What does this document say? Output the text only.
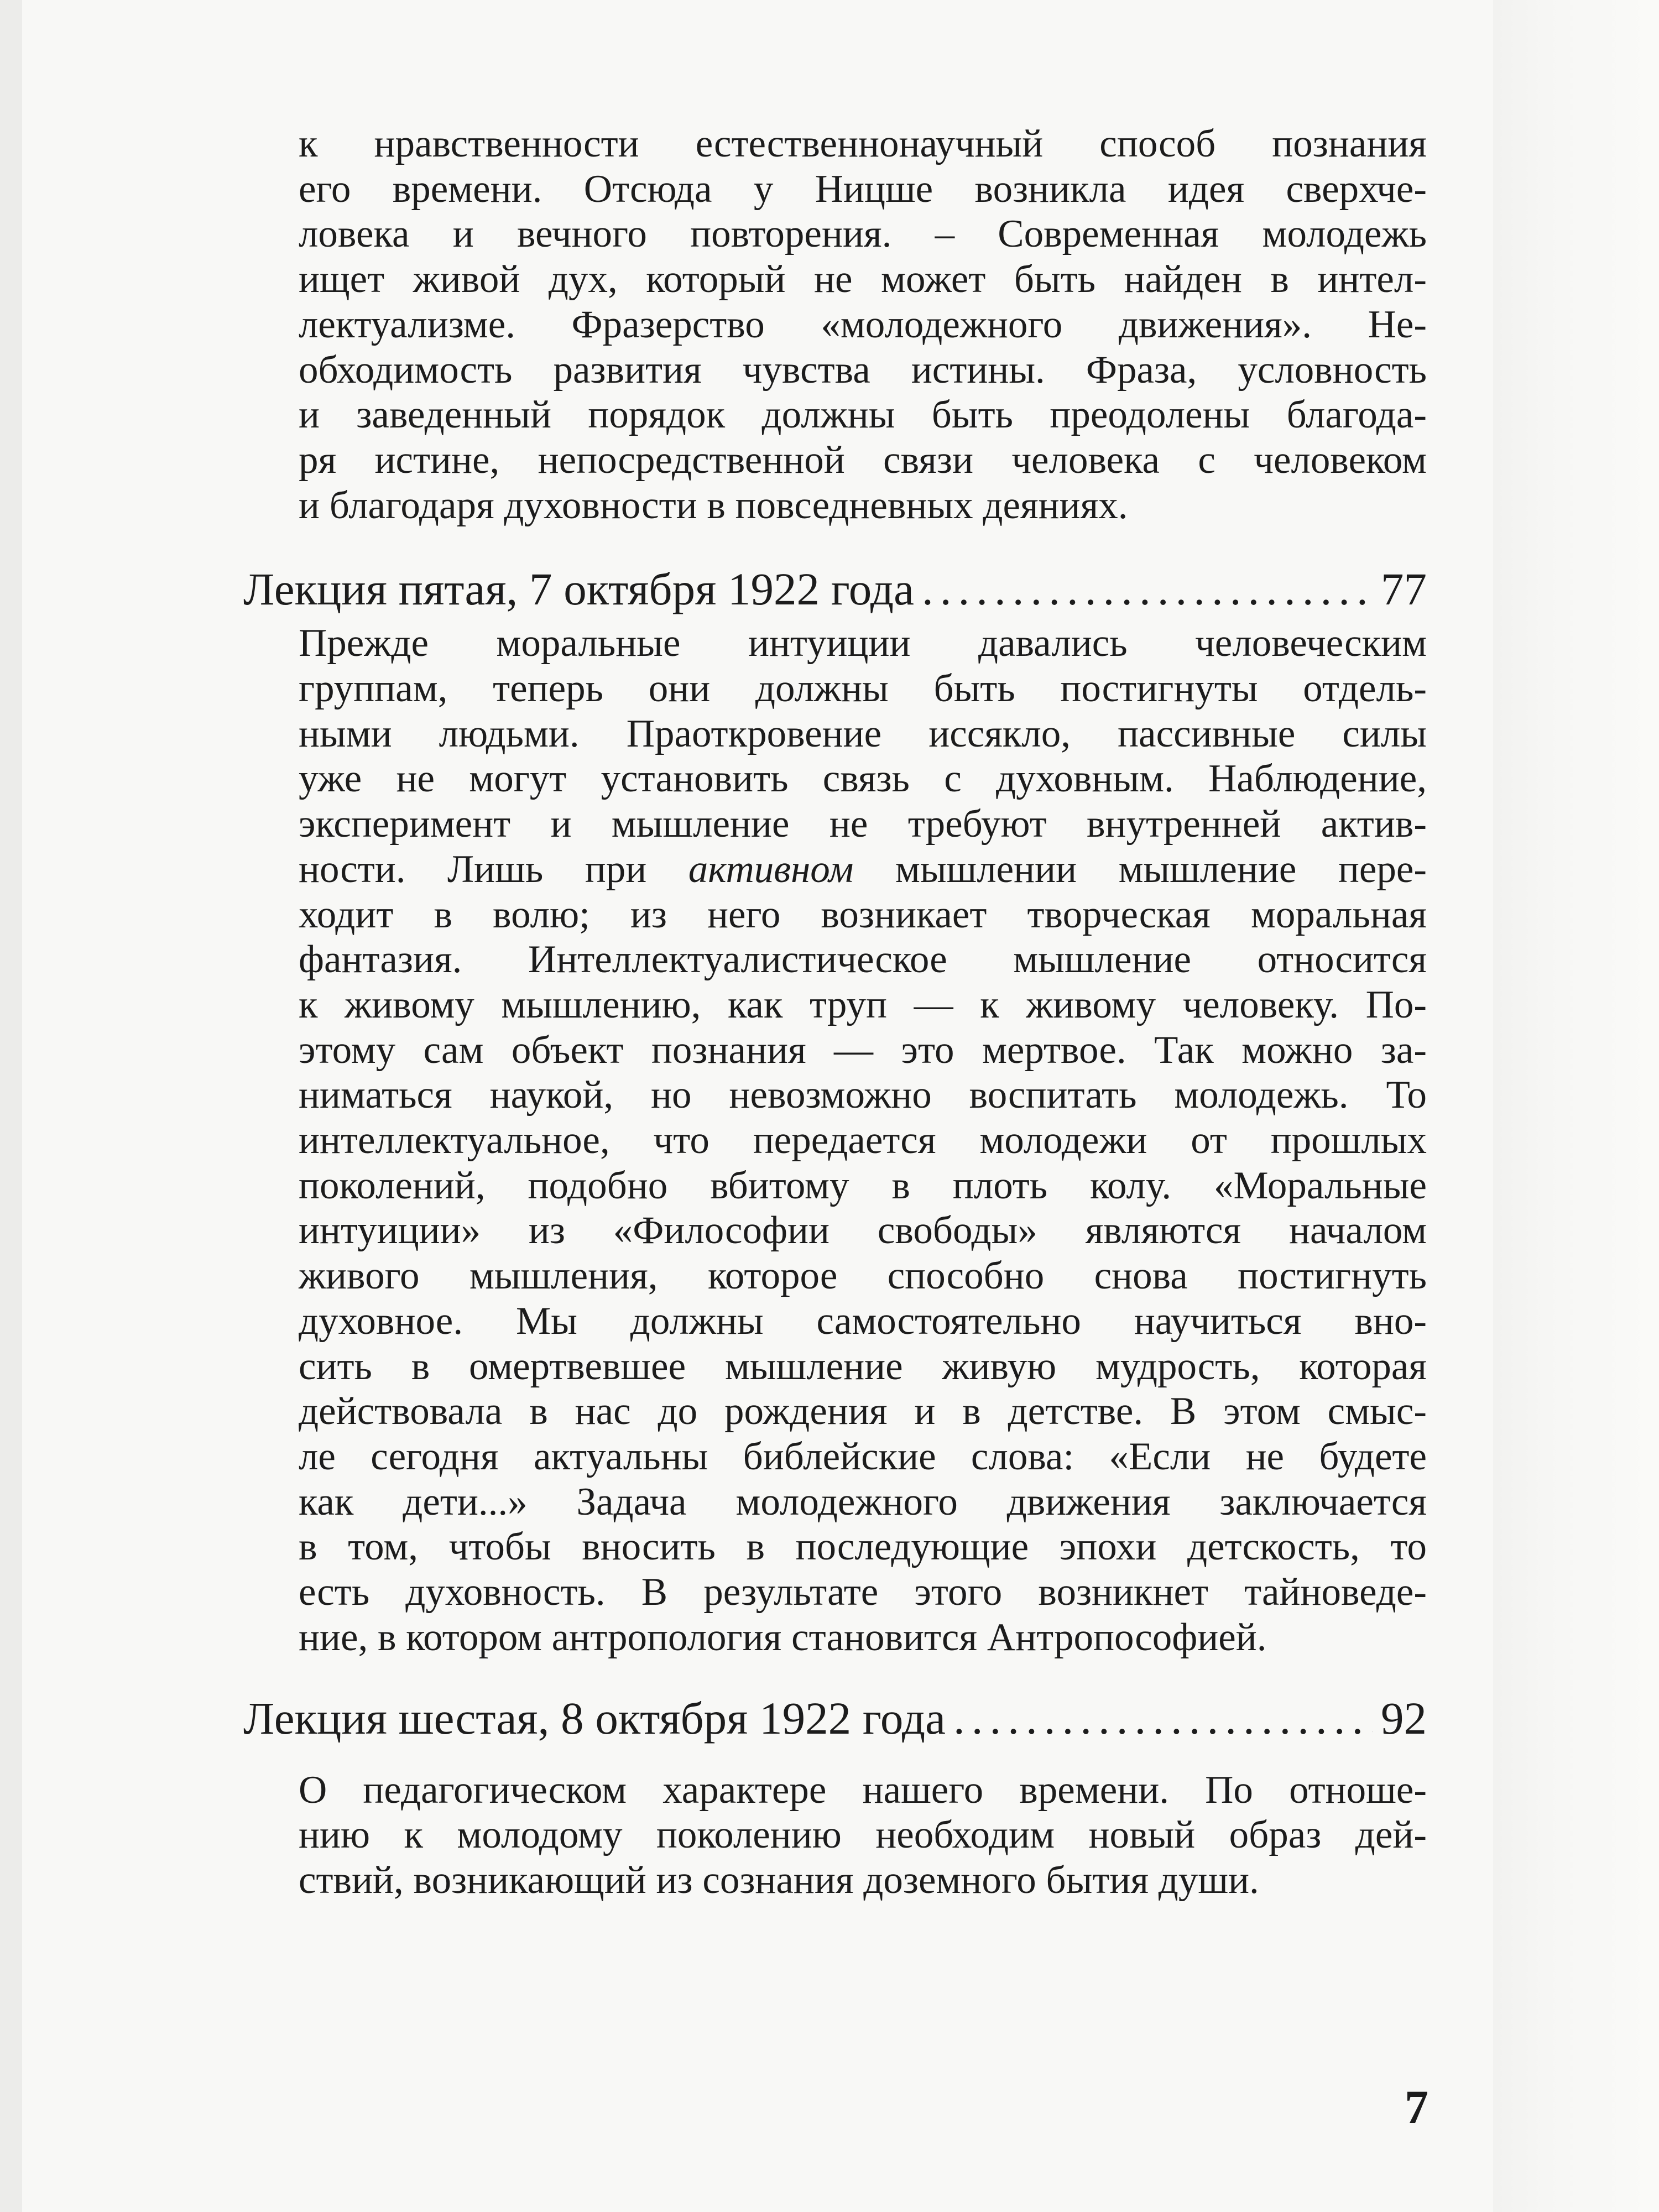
к нравственности естественнонаучный способ познания
его времени. Отсюда у Ницше возникла идея сверхче-
ловека и вечного повторения. – Современная молодежь
ищет живой дух, который не может быть найден в интел-
лектуализме. Фразерство «молодежного движения». Не-
обходимость развития чувства истины. Фраза, условность
и заведенный порядок должны быть преодолены благода-
ря истине, непосредственной связи человека с человеком
и благодаря духовности в повседневных деяниях.

Лекция пятая, 7 октября 1922 года .....	77

Прежде моральные интуиции давались человеческим
группам, теперь они должны быть постигнуты отдель-
ными людьми. Праоткровение иссякло, пассивные силы
уже не могут установить связь с духовным. Наблюдение,
эксперимент и мышление не требуют внутренней актив-
ности. Лишь при активном мышлении мышление пере-
ходит в волю; из него возникает творческая моральная
фантазия. Интеллектуалистическое мышление относится
к живому мышлению, как труп — к живому человеку. По-
этому сам объект познания — это мертвое. Так можно за-
ниматься наукой, но невозможно воспитать молодежь. То
интеллектуальное, что передается молодежи от прошлых
поколений, подобно вбитому в плоть колу. «Моральные
интуиции» из «Философии свободы» являются началом
живого мышления, которое способно снова постигнуть
духовное. Мы должны самостоятельно научиться вно-
сить в омертвевшее мышление живую мудрость, которая
действовала в нас до рождения и в детстве. В этом смыс-
ле сегодня актуальны библейские слова: «Если не будете
как дети...» Задача молодежного движения заключается
в том, чтобы вносить в последующие эпохи детскость, то
есть духовность. В результате этого возникнет тайноведе-
ние, в котором антропология становится Антропософией.

Лекция шестая, 8 октября 1922 года .....	92

О педагогическом характере нашего времени. По отноше-
нию к молодому поколению необходим новый образ дей-
ствий, возникающий из сознания доземного бытия души.

7
